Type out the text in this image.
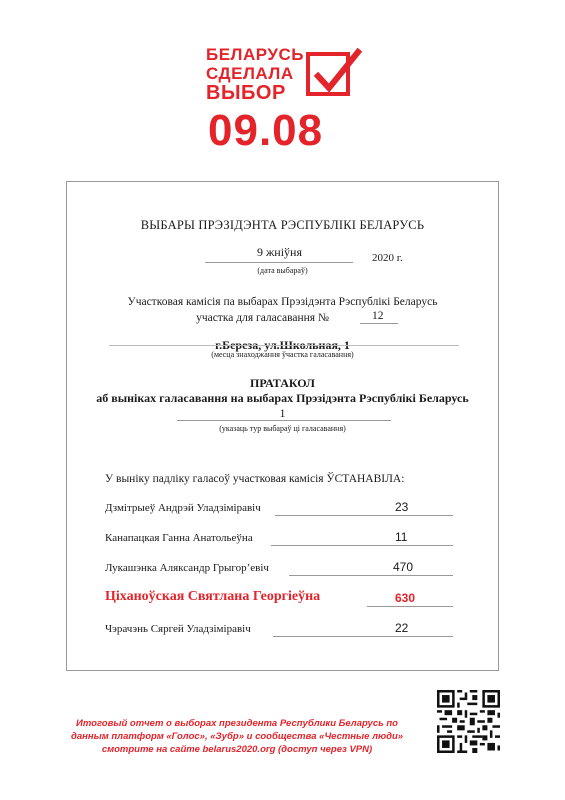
БЕЛАРУСЬ
СДЕЛАЛА
ВЫБОР
09.08
ВЫБАРЫ ПРЭЗІДЭНТА РЭСПУБЛІКІ БЕЛАРУСЬ
9 жніўня	2020 г.
(дата выбараў)
Участковая камісія па выбарах Прэзідэнта Рэспублікі Беларусь
участка для галасавання №	12
г.Береза, ул.Школьная, 1
(месца знаходжання ўчастка галасавання)
ПРАТАКОЛ
аб выніках галасавання на выбарах Прэзідэнта Рэспублікі Беларусь
1
(указаць тур выбараў ці галасавання)
У выніку падліку галасоў участковая камісія ЎСТАНАВІЛА:
Дзмітрыеў Андрэй Уладзіміравіч	23
Канапацкая Ганна Анатольеўна	11
Лукашэнка Аляксандр Грыгор’евіч	470
Ціханоўская Святлана Георгіеўна	630
Чэрачэнь Сяргей Уладзіміравіч	22
Итоговый отчет о выборах президента Республики Беларусь по
данным платформ «Голос», «Зубр» и сообщества «Честные люди»
смотрите на сайте belarus2020.org (доступ через VPN)
